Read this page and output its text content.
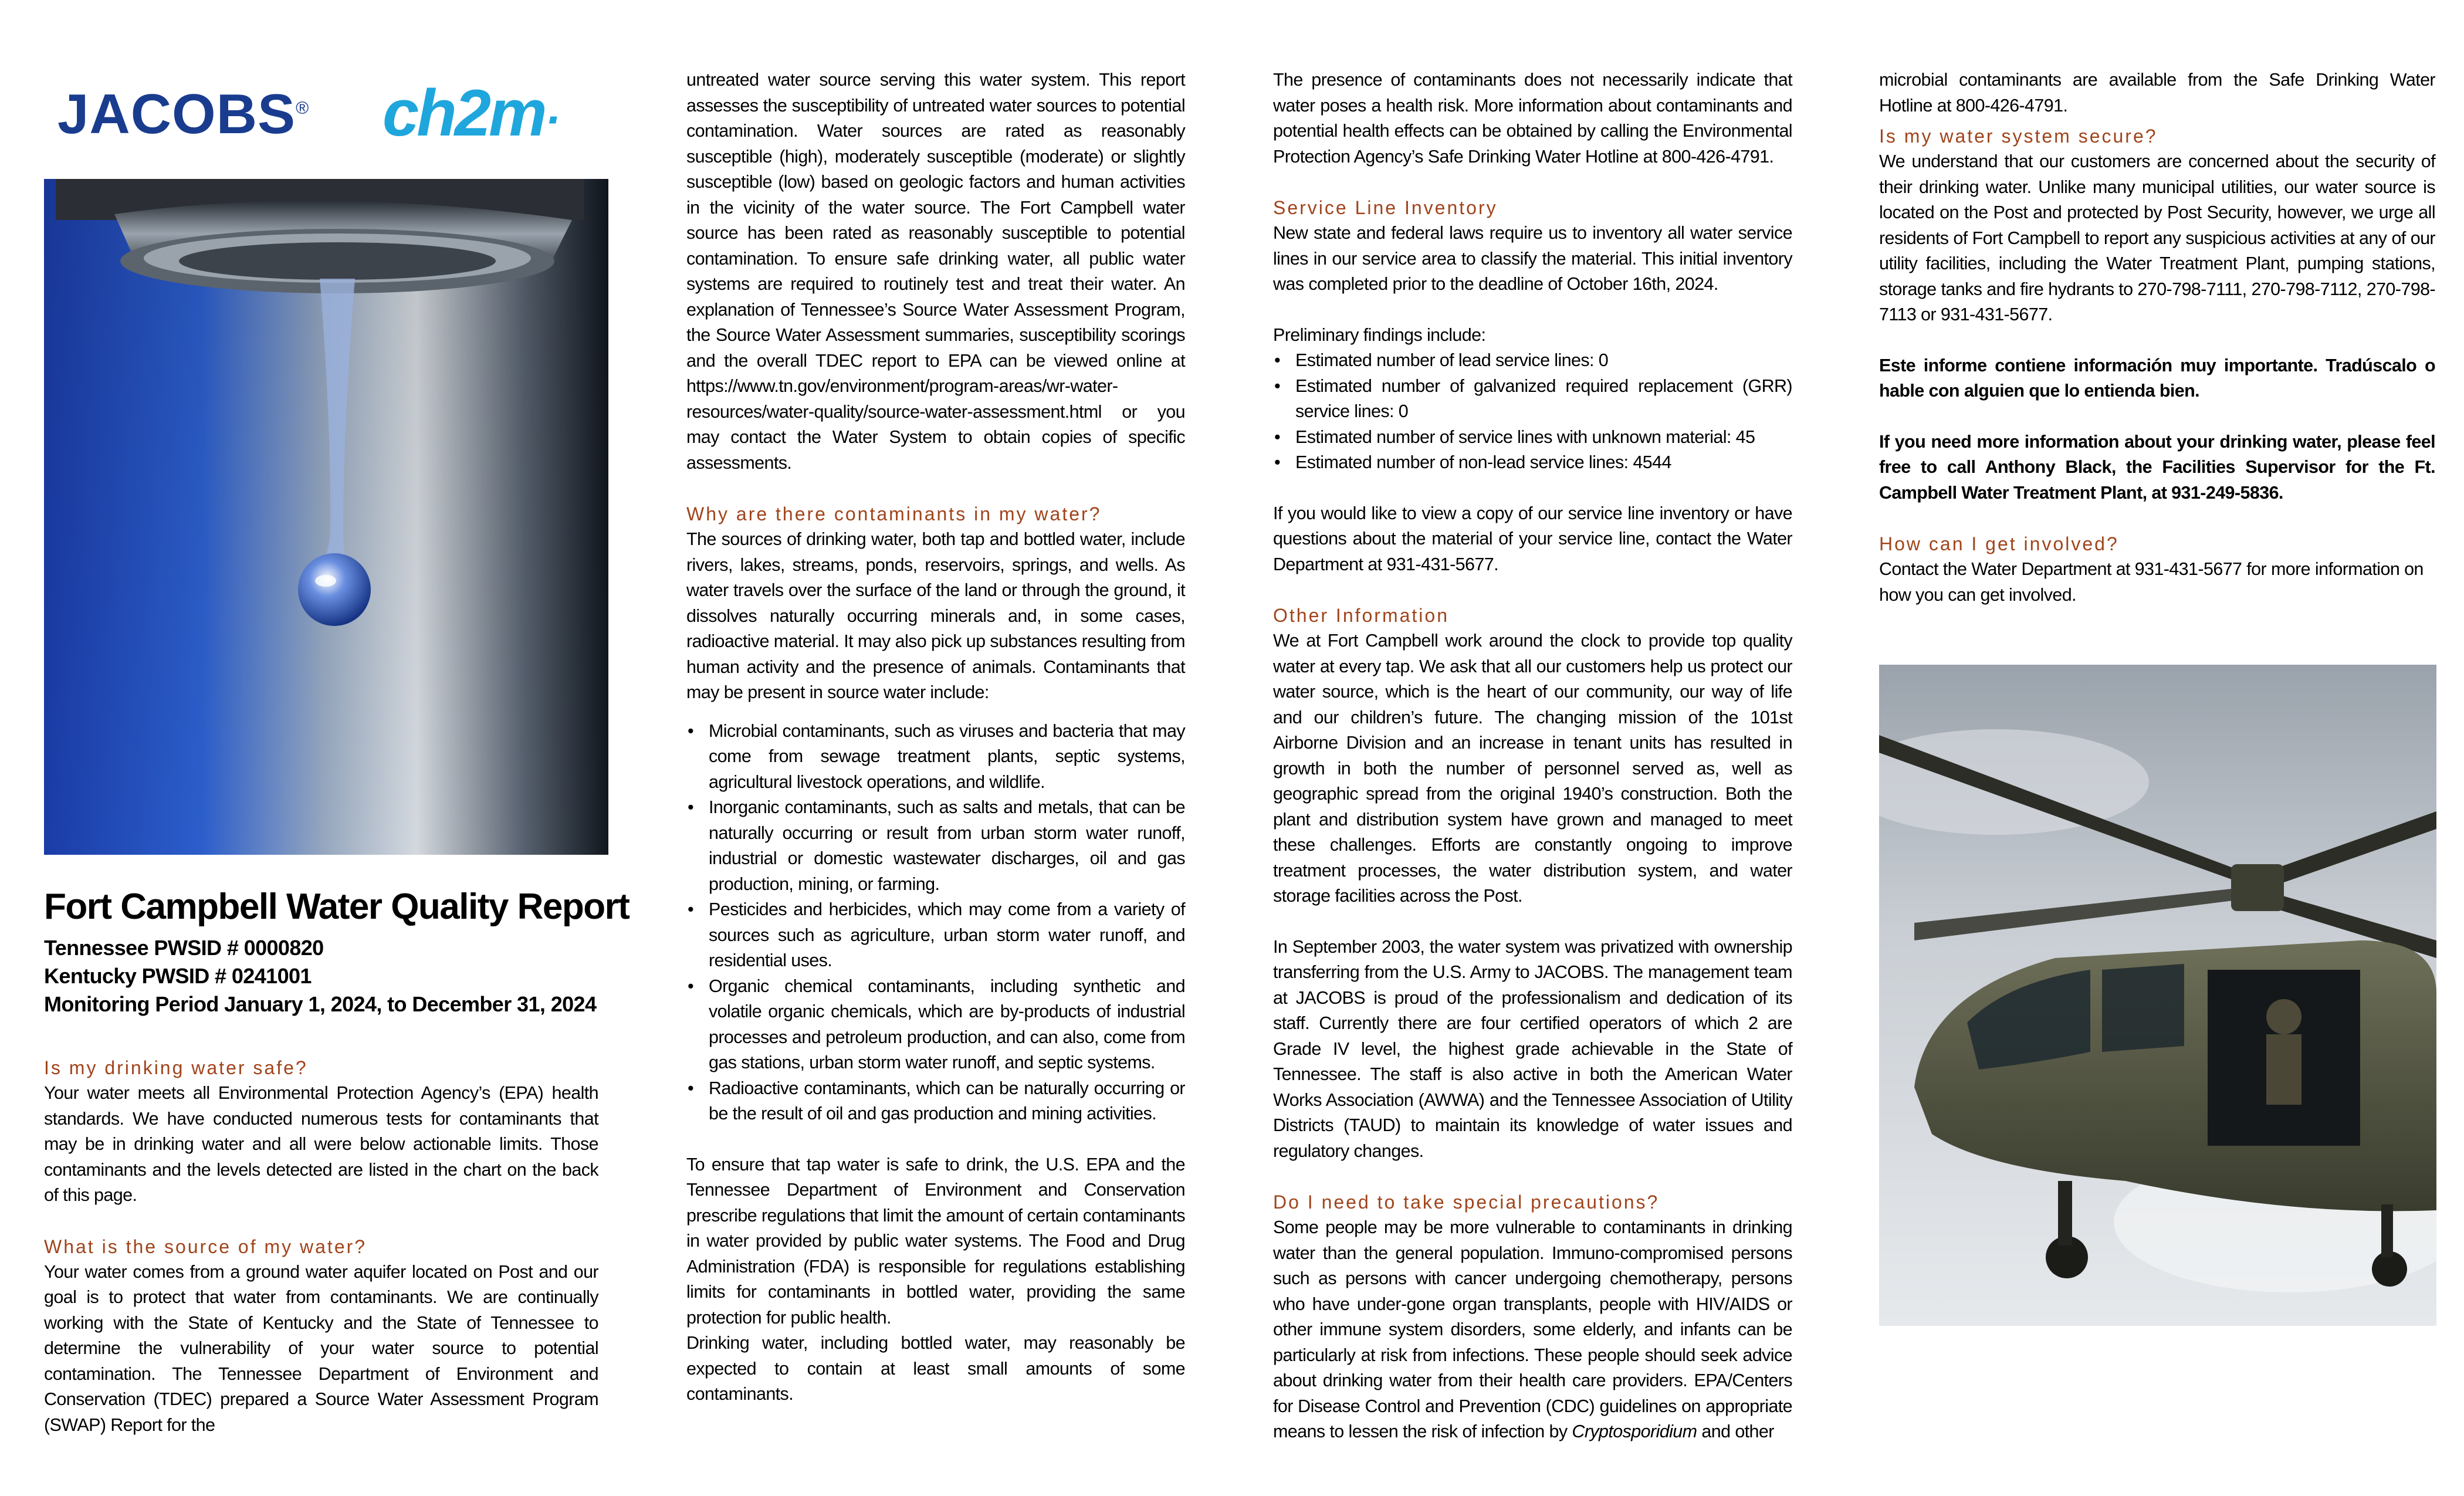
JACOBS® ch2m·
Fort Campbell Water Quality Report
Tennessee PWSID # 0000820
Kentucky PWSID # 0241001
Monitoring Period January 1, 2024, to December 31, 2024
Is my drinking water safe?

Your water meets all Environmental Protection Agency’s (EPA) health standards. We have conducted numerous tests for contaminants that may be in drinking water and all were below actionable limits. Those contaminants and the levels detected are listed in the chart on the back of this page.

What is the source of my water?

Your water comes from a ground water aquifer located on Post and our goal is to protect that water from contaminants. We are continually working with the State of Kentucky and the State of Tennessee to determine the vulnerability of your water source to potential contamination. The Tennessee Department of Environment and Conservation (TDEC) prepared a Source Water Assessment Program (SWAP) Report for the

untreated water source serving this water system. This report assesses the susceptibility of untreated water sources to potential contamination. Water sources are rated as reasonably susceptible (high), moderately susceptible (moderate) or slightly susceptible (low) based on geologic factors and human activities in the vicinity of the water source. The Fort Campbell water source has been rated as reasonably susceptible to potential contamination. To ensure safe drinking water, all public water systems are required to routinely test and treat their water. An explanation of Tennessee’s Source Water Assessment Program, the Source Water Assessment summaries, susceptibility scorings and the overall TDEC report to EPA can be viewed online at https://www.tn.gov/environment/program-areas/wr-water-resources/water-quality/source-water-assessment.html or you may contact the Water System to obtain copies of specific assessments.

Why are there contaminants in my water?

The sources of drinking water, both tap and bottled water, include rivers, lakes, streams, ponds, reservoirs, springs, and wells. As water travels over the surface of the land or through the ground, it dissolves naturally occurring minerals and, in some cases, radioactive material. It may also pick up substances resulting from human activity and the presence of animals. Contaminants that may be present in source water include:

• Microbial contaminants, such as viruses and bacteria that may come from sewage treatment plants, septic systems, agricultural livestock operations, and wildlife.
• Inorganic contaminants, such as salts and metals, that can be naturally occurring or result from urban storm water runoff, industrial or domestic wastewater discharges, oil and gas production, mining, or farming.
• Pesticides and herbicides, which may come from a variety of sources such as agriculture, urban storm water runoff, and residential uses.
• Organic chemical contaminants, including synthetic and volatile organic chemicals, which are by-products of industrial processes and petroleum production, and can also, come from gas stations, urban storm water runoff, and septic systems.
• Radioactive contaminants, which can be naturally occurring or be the result of oil and gas production and mining activities.

To ensure that tap water is safe to drink, the U.S. EPA and the Tennessee Department of Environment and Conservation prescribe regulations that limit the amount of certain contaminants in water provided by public water systems. The Food and Drug Administration (FDA) is responsible for regulations establishing limits for contaminants in bottled water, providing the same protection for public health.

Drinking water, including bottled water, may reasonably be expected to contain at least small amounts of some contaminants.

The presence of contaminants does not necessarily indicate that water poses a health risk. More information about contaminants and potential health effects can be obtained by calling the Environmental Protection Agency’s Safe Drinking Water Hotline at 800-426-4791.

Service Line Inventory

New state and federal laws require us to inventory all water service lines in our service area to classify the material. This initial inventory was completed prior to the deadline of October 16th, 2024.

Preliminary findings include:

• Estimated number of lead service lines: 0
• Estimated number of galvanized required replacement (GRR) service lines: 0
• Estimated number of service lines with unknown material: 45
• Estimated number of non-lead service lines: 4544

If you would like to view a copy of our service line inventory or have questions about the material of your service line, contact the Water Department at 931-431-5677.

Other Information

We at Fort Campbell work around the clock to provide top quality water at every tap. We ask that all our customers help us protect our water source, which is the heart of our community, our way of life and our children’s future. The changing mission of the 101st Airborne Division and an increase in tenant units has resulted in growth in both the number of personnel served as, well as geographic spread from the original 1940’s construction. Both the plant and distribution system have grown and managed to meet these challenges. Efforts are constantly ongoing to improve treatment processes, the water distribution system, and water storage facilities across the Post.

In September 2003, the water system was privatized with ownership transferring from the U.S. Army to JACOBS. The management team at JACOBS is proud of the professionalism and dedication of its staff. Currently there are four certified operators of which 2 are Grade IV level, the highest grade achievable in the State of Tennessee. The staff is also active in both the American Water Works Association (AWWA) and the Tennessee Association of Utility Districts (TAUD) to maintain its knowledge of water issues and regulatory changes.

Do I need to take special precautions?

Some people may be more vulnerable to contaminants in drinking water than the general population. Immuno-compromised persons such as persons with cancer undergoing chemotherapy, persons who have under-gone organ transplants, people with HIV/AIDS or other immune system disorders, some elderly, and infants can be particularly at risk from infections. These people should seek advice about drinking water from their health care providers. EPA/Centers for Disease Control and Prevention (CDC) guidelines on appropriate means to lessen the risk of infection by Cryptosporidium and other

microbial contaminants are available from the Safe Drinking Water Hotline at 800-426-4791.

Is my water system secure?

We understand that our customers are concerned about the security of their drinking water. Unlike many municipal utilities, our water source is located on the Post and protected by Post Security, however, we urge all residents of Fort Campbell to report any suspicious activities at any of our utility facilities, including the Water Treatment Plant, pumping stations, storage tanks and fire hydrants to 270-798-7111, 270-798-7112, 270-798-7113 or 931-431-5677.

Este informe contiene información muy importante. Tradúscalo o hable con alguien que lo entienda bien.

If you need more information about your drinking water, please feel free to call Anthony Black, the Facilities Supervisor for the Ft. Campbell Water Treatment Plant, at 931-249-5836.

How can I get involved?

Contact the Water Department at 931-431-5677 for more information on how you can get involved.
